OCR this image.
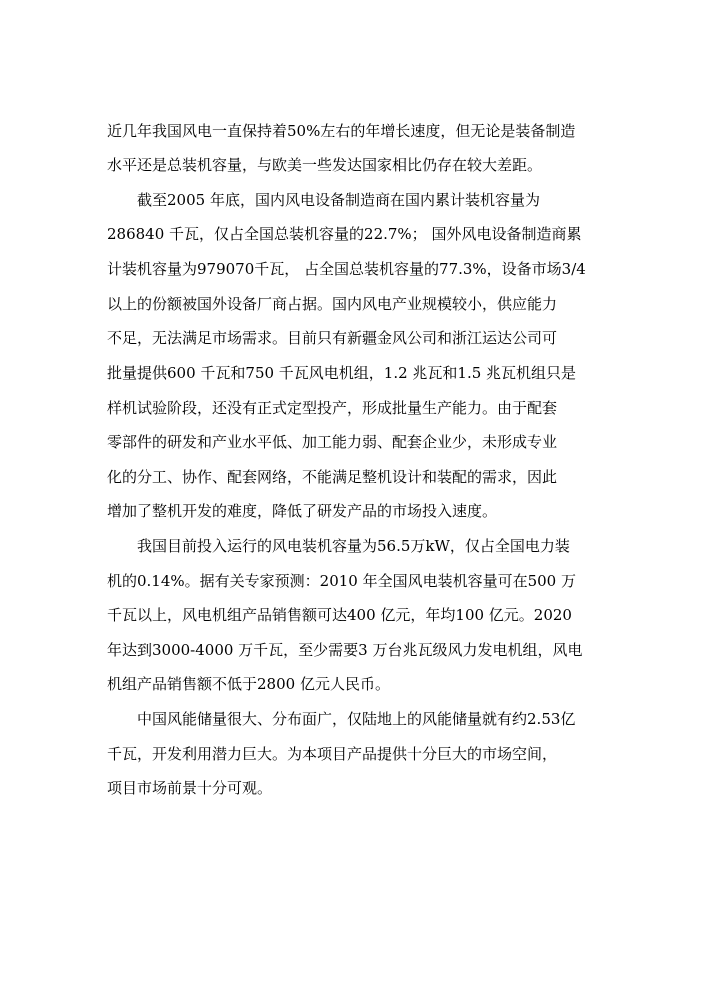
近几年我国风电一直保持着50%左右的年增长速度，但无论是装备制造
水平还是总装机容量，与欧美一些发达国家相比仍存在较大差距。
截至2005 年底，国内风电设备制造商在国内累计装机容量为
286840 千瓦，仅占全国总装机容量的22.7%； 国外风电设备制造商累
计装机容量为979070千瓦， 占全国总装机容量的77.3%，设备市场3/4
以上的份额被国外设备厂商占据。国内风电产业规模较小，供应能力
不足，无法满足市场需求。目前只有新疆金风公司和浙江运达公司可
批量提供600 千瓦和750 千瓦风电机组，1.2 兆瓦和1.5 兆瓦机组只是
样机试验阶段，还没有正式定型投产，形成批量生产能力。由于配套
零部件的研发和产业水平低、加工能力弱、配套企业少，未形成专业
化的分工、协作、配套网络，不能满足整机设计和装配的需求，因此
增加了整机开发的难度，降低了研发产品的市场投入速度。
我国目前投入运行的风电装机容量为56.5万kW，仅占全国电力装
机的0.14%。据有关专家预测：2010 年全国风电装机容量可在500 万
千瓦以上，风电机组产品销售额可达400 亿元，年均100 亿元。2020
年达到3000-4000 万千瓦，至少需要3 万台兆瓦级风力发电机组，风电
机组产品销售额不低于2800 亿元人民币。
中国风能储量很大、分布面广，仅陆地上的风能储量就有约2.53亿
千瓦，开发利用潜力巨大。为本项目产品提供十分巨大的市场空间，
项目市场前景十分可观。
